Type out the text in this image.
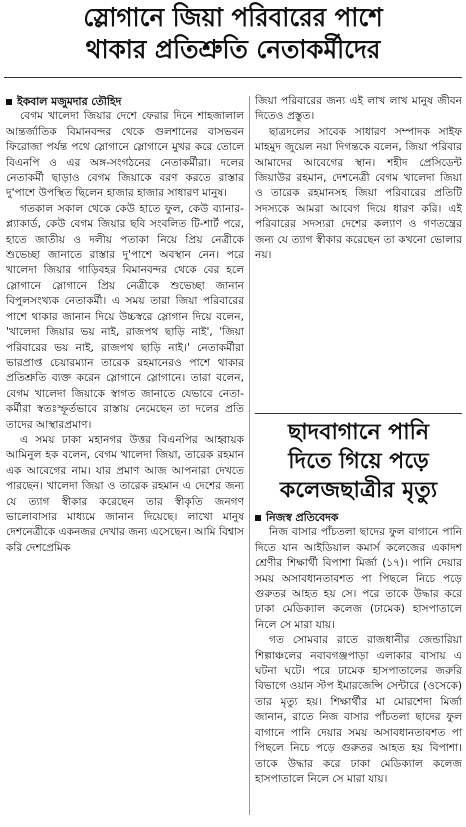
স্লোগানে জিয়া পরিবারের পাশে
থাকার প্রতিশ্রুতি নেতাকর্মীদের

ইকবাল মজুমদার তৌহিদ

বেগম খালেদা জিয়ার দেশে ফেরার দিনে শাহজালাল আন্তর্জাতিক বিমানবন্দর থেকে গুলশানের বাসভবন ফিরোজা পর্যন্ত পথে স্লোগানে স্লোগানে মুখর করে তোলে বিএনপি ও এর অঙ্গ-সংগঠনের নেতাকর্মীরা। দলের নেতাকর্মী ছাড়াও বেগম জিয়াকে বরণ করতে রাস্তার দু'পাশে উপস্থিত ছিলেন হাজার হাজার সাধারণ মানুষ।

গতকাল সকাল থেকে কেউ হাতে ফুল, কেউ ব্যানার-প্ল্যাকার্ড, কেউ বেগম জিয়ার ছবি সংবলিত টি-শার্ট পরে, হাতে জাতীয় ও দলীয় পতাকা নিয়ে প্রিয় নেত্রীকে শুভেচ্ছা জানাতে রাস্তার দু'পাশে অবস্থান নেন। পরে খালেদা জিয়ার গাড়িবহর বিমানবন্দর থেকে বের হলে স্লোগানে স্লোগানে প্রিয় নেত্রীকে শুভেচ্ছা জানান বিপুলসংখ্যক নেতাকর্মী। এ সময় তারা জিয়া পরিবারের পাশে থাকার জানান দিয়ে উচ্চস্বরে স্লোগান দিয়ে বলেন, 'খালেদা জিয়ার ভয় নাই, রাজপথ ছাড়ি নাই', 'জিয়া পরিবারের ভয় নাই, রাজপথ ছাড়ি নাই।' নেতাকর্মীরা ভারপ্রাপ্ত চেয়ারম্যান তারেক রহমানেরও পাশে থাকার প্রতিশ্রুতি ব্যক্ত করেন স্লোগানে স্লোগানে। তারা বলেন, বেগম খালেদা জিয়াকে স্বাগত জানাতে যেভাবে নেতা-কর্মীরা স্বতঃস্ফূর্তভাবে রাস্তায় নেমেছেন তা দলের প্রতি তাদের আস্থারপ্রমাণ।

এ সময় ঢাকা মহানগর উত্তর বিএনপির আহ্বায়ক আমিনুল হক বলেন, বেগম খালেদা জিয়া, তারেক রহমান এক আবেগের নাম। যার প্রমাণ আজ আপনারা দেখতে পারছেন। খালেদা জিয়া ও তারেক রহমান এ দেশের জন্য যে ত্যাগ স্বীকার করেছেন তার স্বীকৃতি জনগণ ভালোবাসার মাধ্যমে জানান দিয়েছে। লাখো মানুষ দেশনেত্রীকে একনজর দেখার জন্য এসেছেন। আমি বিশ্বাস করি দেশপ্রেমিক

জিয়া পরিবারের জন্য এই লাখ লাখ মানুষ জীবন দিতেও প্রস্তুত।

ছাত্রদলের সাবেক সাধারণ সম্পাদক সাইফ মাহমুদ জুয়েল নয়া দিগন্তকে বলেন, জিয়া পরিবার আমাদের আবেগের স্থান। শহীদ প্রেসিডেন্ট জিয়াউর রহমান, দেশনেত্রী বেগম খালেদা জিয়া ও তারেক রহমানসহ জিয়া পরিবারের প্রতিটি সদস্যকে আমরা আবেগ দিয়ে ধারণ করি। এই পরিবারের সদস্যরা দেশের কল্যাণ ও গণতন্ত্রের জন্য যে ত্যাগ স্বীকার করেছেন তা কখনো ভোলার নয়।

ছাদবাগানে পানি
দিতে গিয়ে পড়ে
কলেজছাত্রীর মৃত্যু

নিজস্ব প্রতিবেদক

নিজ বাসার পাঁচতলা ছাদের ফুল বাগানে পানি দিতে যান আইডিয়াল কমার্স কলেজের একাদশ শ্রেণীর শিক্ষার্থী বিপাশা মির্জা (১৭)। পানি দেয়ার সময় অসাবধানতাবশত পা পিছলে নিচে পড়ে গুরুতর আহত হয় সে। পরে তাকে উদ্ধার করে ঢাকা মেডিক্যাল কলেজ (ঢামেক) হাসপাতালে নিলে সে মারা যায়।

গত সোমবার রাতে রাজধানীর জেন্ডারিয়া শিল্পাঞ্চলের নবাবগঞ্জপাড়া এলাকার বাসায় এ ঘটনা ঘটে। পরে ঢামেক হাসপাতালের জরুরি বিভাগে ওয়ান স্টপ ইমারজেন্সি সেন্টারে (ওসেকে) তার মৃত্যু হয়। শিক্ষার্থীর মা মোরশেদা মির্জা জানান, রাতে নিজ বাসার পাঁচতলা ছাদের ফুল বাগানে পানি দেয়ার সময় অসাবধানতাবশত পা পিছলে নিচে পড়ে গুরুতর আহত হয় বিপাশা। তাকে উদ্ধার করে ঢাকা মেডিক্যাল কলেজ হাসপাতালে নিলে সে মারা যায়।
